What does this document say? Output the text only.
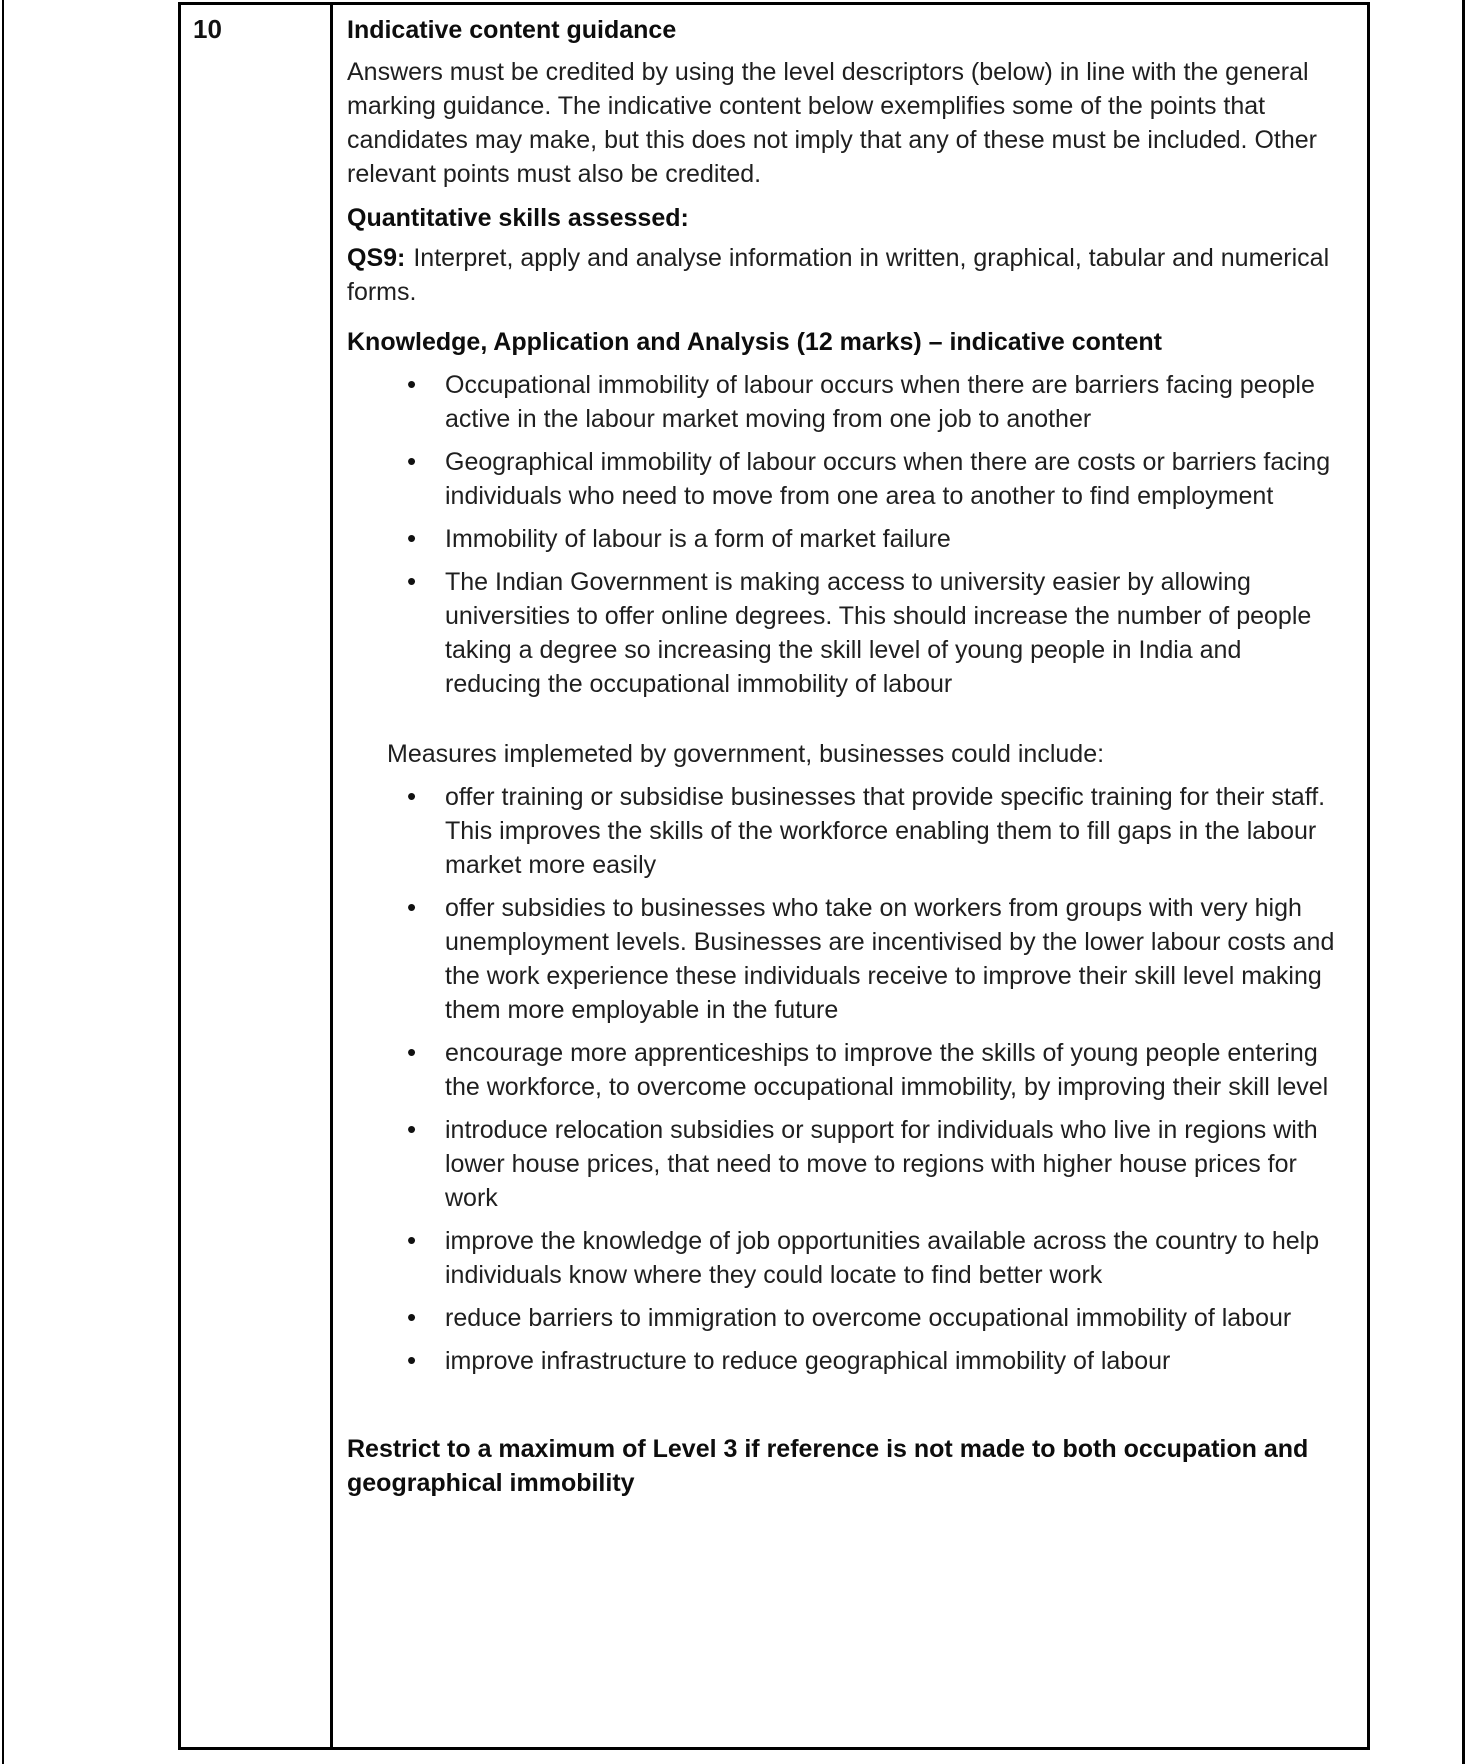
10	Indicative content guidance

Answers must be credited by using the level descriptors (below) in line with the general marking guidance. The indicative content below exemplifies some of the points that candidates may make, but this does not imply that any of these must be included. Other relevant points must also be credited.

Quantitative skills assessed:

QS9: Interpret, apply and analyse information in written, graphical, tabular and numerical forms.

Knowledge, Application and Analysis (12 marks) – indicative content

• Occupational immobility of labour occurs when there are barriers facing people active in the labour market moving from one job to another
• Geographical immobility of labour occurs when there are costs or barriers facing individuals who need to move from one area to another to find employment
• Immobility of labour is a form of market failure
• The Indian Government is making access to university easier by allowing universities to offer online degrees. This should increase the number of people taking a degree so increasing the skill level of young people in India and reducing the occupational immobility of labour

Measures implemeted by government, businesses could include:

• offer training or subsidise businesses that provide specific training for their staff. This improves the skills of the workforce enabling them to fill gaps in the labour market more easily
• offer subsidies to businesses who take on workers from groups with very high unemployment levels. Businesses are incentivised by the lower labour costs and the work experience these individuals receive to improve their skill level making them more employable in the future
• encourage more apprenticeships to improve the skills of young people entering the workforce, to overcome occupational immobility, by improving their skill level
• introduce relocation subsidies or support for individuals who live in regions with lower house prices, that need to move to regions with higher house prices for work
• improve the knowledge of job opportunities available across the country to help individuals know where they could locate to find better work
• reduce barriers to immigration to overcome occupational immobility of labour
• improve infrastructure to reduce geographical immobility of labour

Restrict to a maximum of Level 3 if reference is not made to both occupation and geographical immobility
